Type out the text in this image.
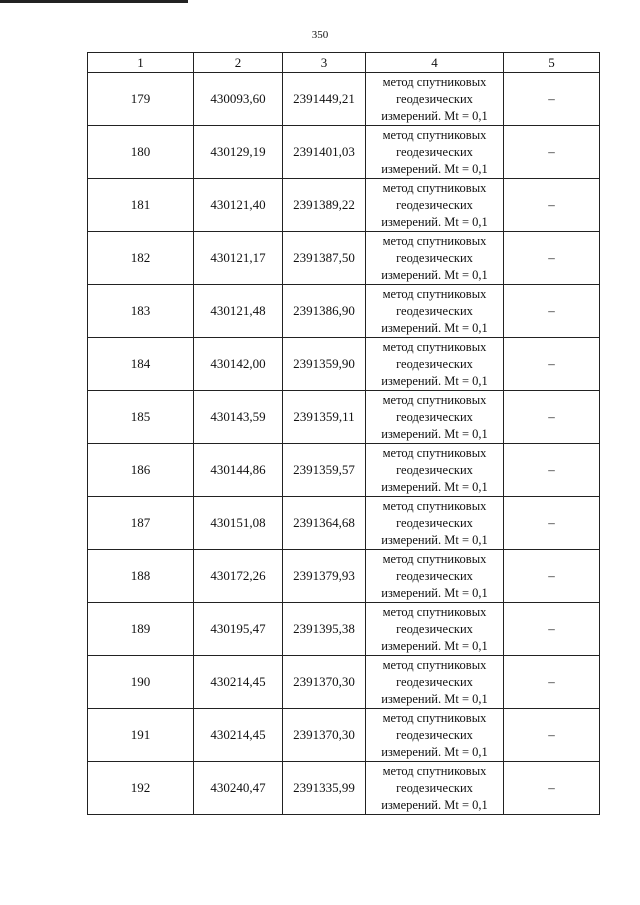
350
1	2	3	4	5
179	430093,60	2391449,21	метод спутниковых геодезических измерений. Mt = 0,1	–
180	430129,19	2391401,03	метод спутниковых геодезических измерений. Mt = 0,1	–
181	430121,40	2391389,22	метод спутниковых геодезических измерений. Mt = 0,1	–
182	430121,17	2391387,50	метод спутниковых геодезических измерений. Mt = 0,1	–
183	430121,48	2391386,90	метод спутниковых геодезических измерений. Mt = 0,1	–
184	430142,00	2391359,90	метод спутниковых геодезических измерений. Mt = 0,1	–
185	430143,59	2391359,11	метод спутниковых геодезических измерений. Mt = 0,1	–
186	430144,86	2391359,57	метод спутниковых геодезических измерений. Mt = 0,1	–
187	430151,08	2391364,68	метод спутниковых геодезических измерений. Mt = 0,1	–
188	430172,26	2391379,93	метод спутниковых геодезических измерений. Mt = 0,1	–
189	430195,47	2391395,38	метод спутниковых геодезических измерений. Mt = 0,1	–
190	430214,45	2391370,30	метод спутниковых геодезических измерений. Mt = 0,1	–
191	430214,45	2391370,30	метод спутниковых геодезических измерений. Mt = 0,1	–
192	430240,47	2391335,99	метод спутниковых геодезических измерений. Mt = 0,1	–
